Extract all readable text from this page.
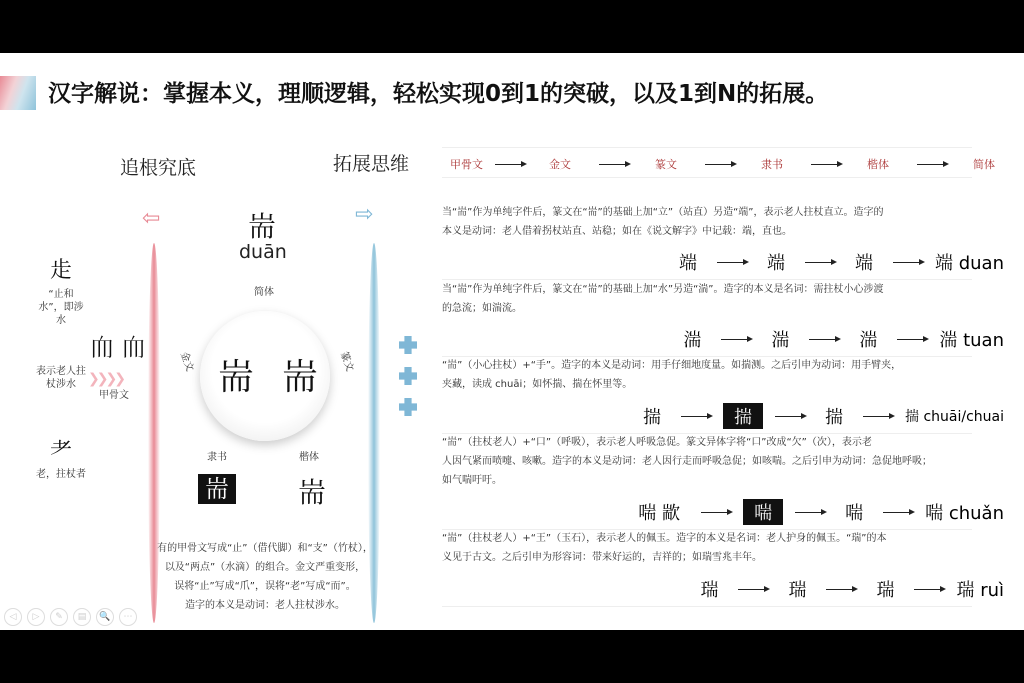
汉字解说：掌握本义，理顺逻辑，轻松实现0到1的突破，以及1到N的拓展。
追根究底	拓展思维
⇦	⇨
耑
duān
歨
“止和水”，即涉水
表示老人拄杖涉水 ❯❯❯❯
𦓐 𦓐
甲骨文
耂
老，拄杖者
简体
金文	篆文
耑 耑
隶书	楷体
耑 耑
有的甲骨文写成“止”（借代脚）和“支”（竹杖），
以及“两点”（水滴）的组合。金文严重变形，
误将“止”写成“爪”，误将“老”写成“而”。
造字的本义是动词：老人拄杖涉水。
甲骨文	金文	篆文	隶书	楷体	简体
当“耑”作为单纯字件后，篆文在“耑”的基础上加“立”（站直）另造“端”，表示老人拄杖直立。造字的
本义是动词：老人借着拐杖站直、站稳；如在《说文解字》中记载：端，直也。
端	端	端	端 duan
当“耑”作为单纯字件后，篆文在“耑”的基础上加“水”另造“湍”。造字的本义是名词：需拄杖小心涉渡
的急流；如湍流。
湍	湍	湍	湍 tuan
“耑”（小心拄杖）+“手”。造字的本义是动词：用手仔细地度量。如揣测。之后引申为动词：用手臂夹，
夹藏，读成 chuāi；如怀揣、揣在怀里等。
揣	揣	揣	揣 chuāi/chuai
“耑”（拄杖老人）+“口”（呼吸），表示老人呼吸急促。篆文异体字将“口”改成“欠”（次），表示老
人因气紧而喷嚏、咳嗽。造字的本义是动词：老人因行走而呼吸急促；如咳喘。之后引申为动词：急促地呼吸；
如气喘吁吁。
喘 歂	喘	喘	喘 chuǎn
“耑”（拄杖老人）+“王”（玉石），表示老人的佩玉。造字的本义是名词：老人护身的佩玉。“瑞”的本
义见于古文。之后引申为形容词：带来好运的，吉祥的；如瑞雪兆丰年。
瑞	瑞	瑞	瑞 ruì
◁	▷	✎	▤	🔍	⋯
